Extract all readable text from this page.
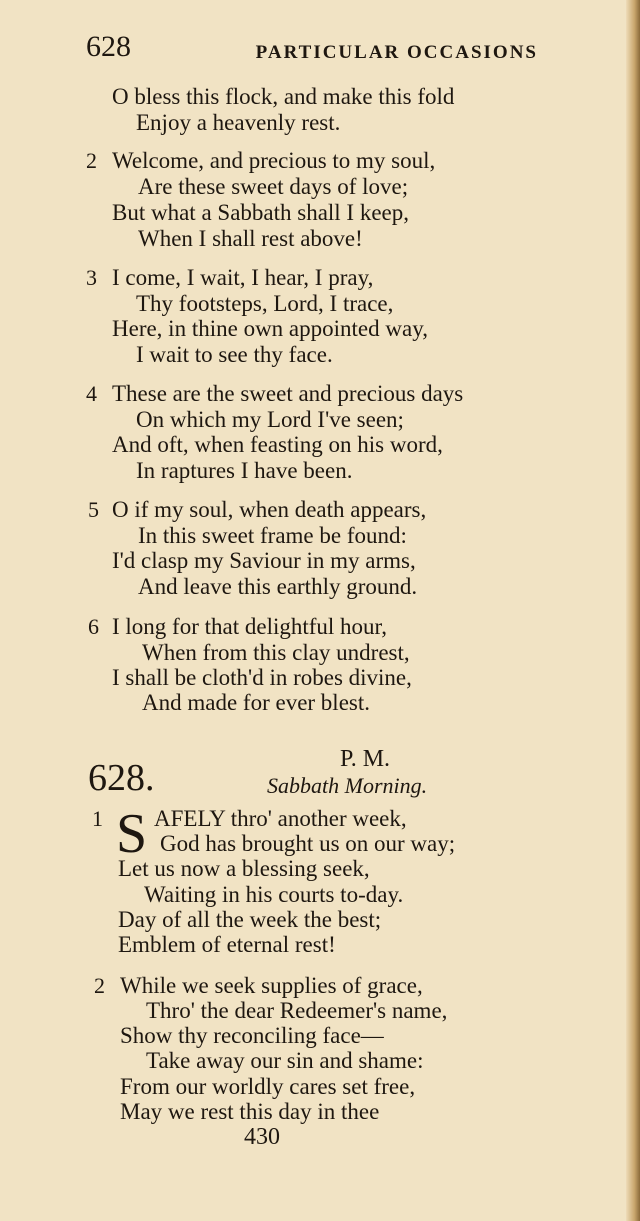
628	PARTICULAR OCCASIONS
O bless this flock, and make this fold
Enjoy a heavenly rest.
2 Welcome, and precious to my soul,
Are these sweet days of love;
But what a Sabbath shall I keep,
When I shall rest above!
3 I come, I wait, I hear, I pray,
Thy footsteps, Lord, I trace,
Here, in thine own appointed way,
I wait to see thy face.
4 These are the sweet and precious days
On which my Lord I've seen;
And oft, when feasting on his word,
In raptures I have been.
5 O if my soul, when death appears,
In this sweet frame be found:
I'd clasp my Saviour in my arms,
And leave this earthly ground.
6 I long for that delightful hour,
When from this clay undrest,
I shall be cloth'd in robes divine,
And made for ever blest.
628.	P. M.
Sabbath Morning.
1 S AFELY thro' another week,
God has brought us on our way;
Let us now a blessing seek,
Waiting in his courts to-day.
Day of all the week the best;
Emblem of eternal rest!
2 While we seek supplies of grace,
Thro' the dear Redeemer's name,
Show thy reconciling face—
Take away our sin and shame:
From our worldly cares set free,
May we rest this day in thee
430
